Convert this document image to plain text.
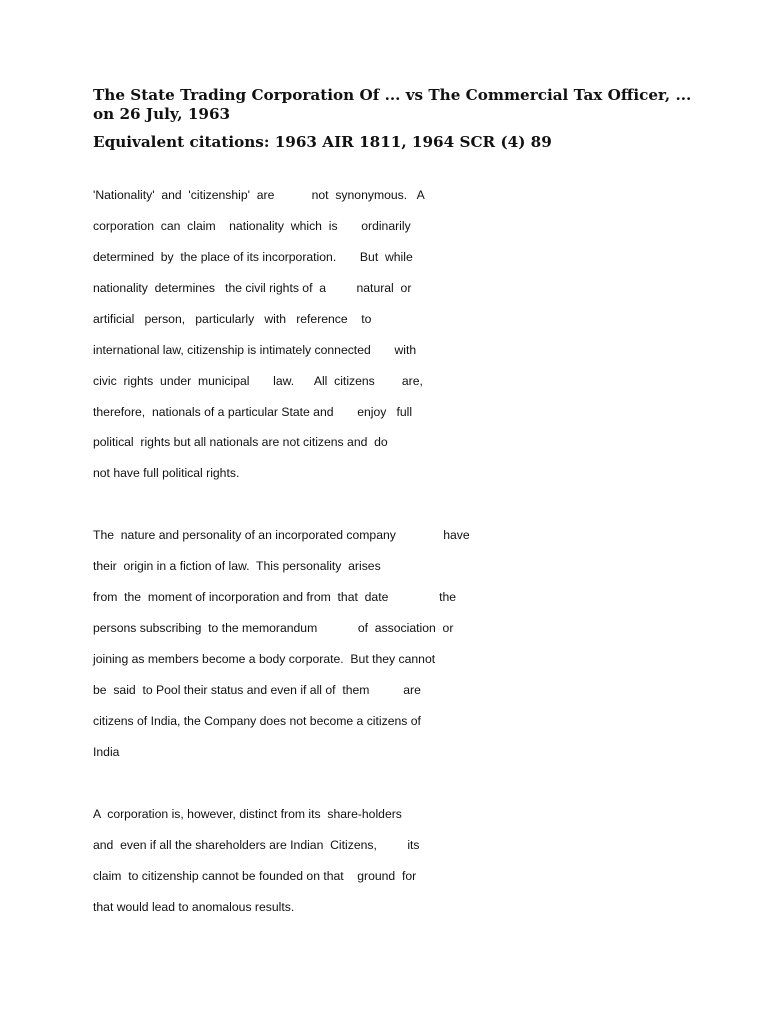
The State Trading Corporation Of ... vs The Commercial Tax Officer, ... on 26 July, 1963
Equivalent citations: 1963 AIR 1811, 1964 SCR (4) 89

'Nationality'  and  'citizenship'  are           not  synonymous.   A

corporation  can  claim    nationality  which  is       ordinarily

determined  by  the place of its incorporation.       But  while

nationality  determines   the civil rights of  a         natural  or

artificial   person,   particularly   with   reference    to

international law, citizenship is intimately connected       with

civic  rights  under  municipal       law.      All  citizens        are,

therefore,  nationals of a particular State and       enjoy   full

political  rights but all nationals are not citizens and  do

not have full political rights.

The  nature and personality of an incorporated company              have

their  origin in a fiction of law.  This personality  arises

from  the  moment of incorporation and from  that  date               the

persons subscribing  to the memorandum            of  association  or

joining as members become a body corporate.  But they cannot

be  said  to Pool their status and even if all of  them          are

citizens of India, the Company does not become a citizens of

India

A  corporation is, however, distinct from its  share-holders

and  even if all the shareholders are Indian  Citizens,         its

claim  to citizenship cannot be founded on that    ground  for

that would lead to anomalous results.
